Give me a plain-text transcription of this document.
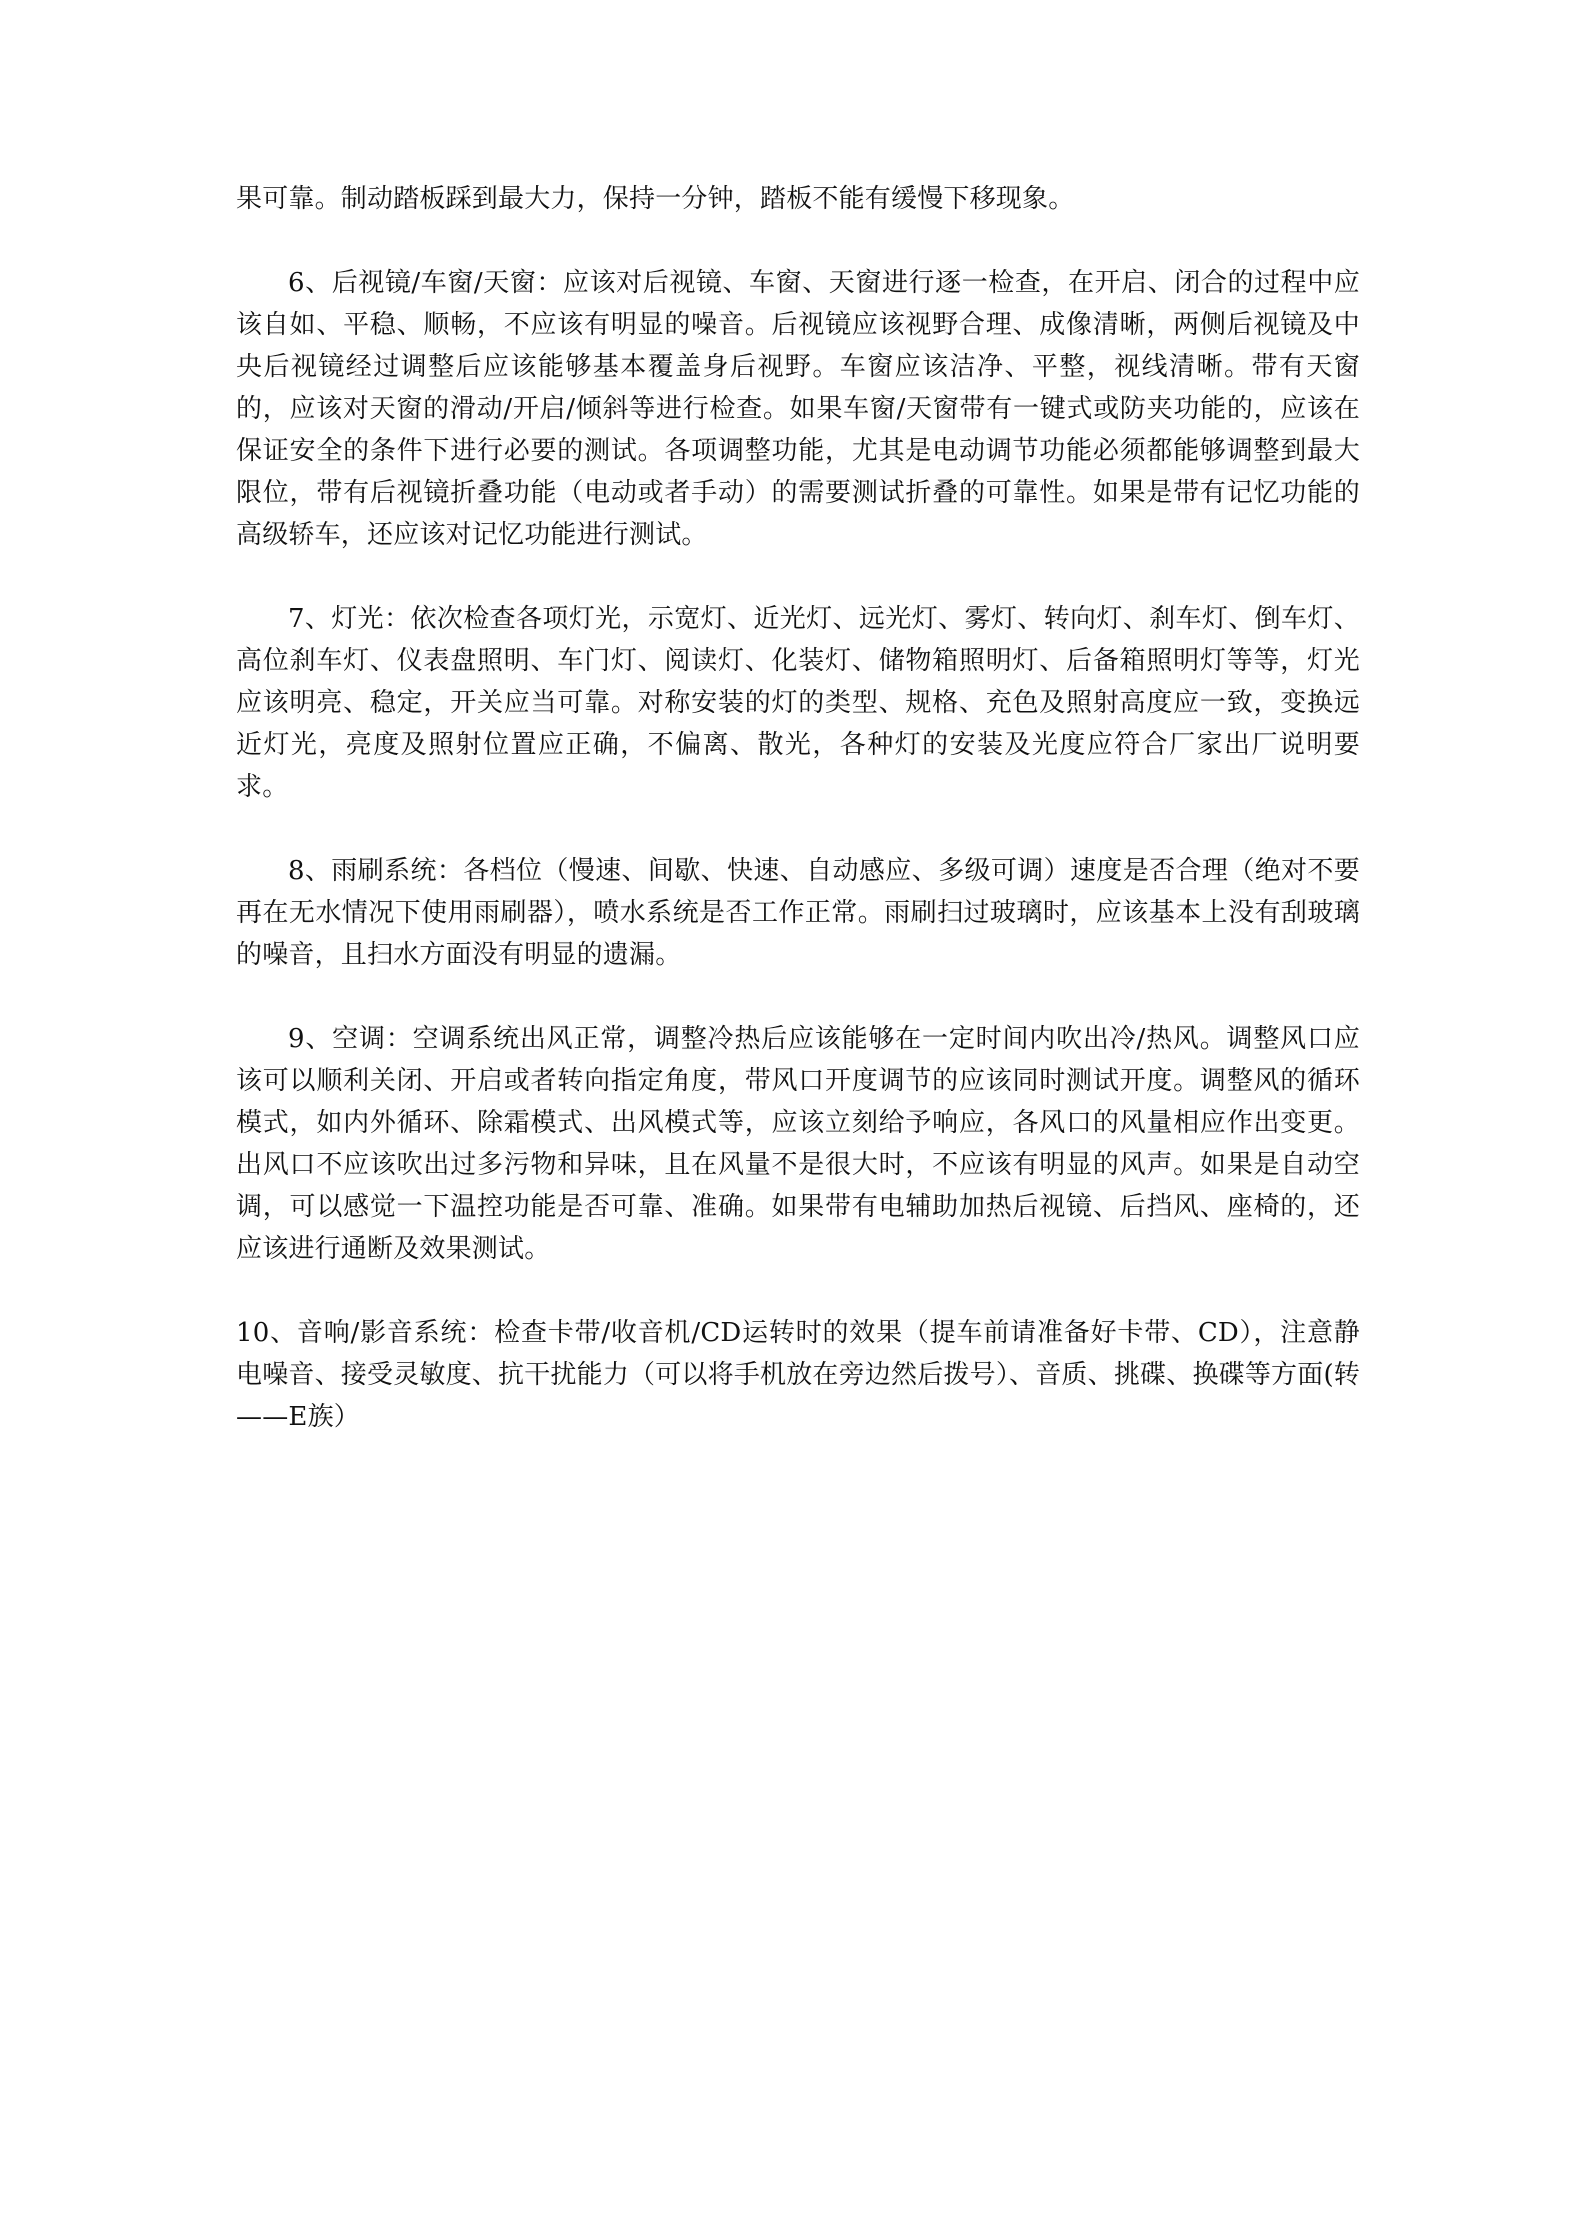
果可靠。制动踏板踩到最大力，保持一分钟，踏板不能有缓慢下移现象。

6、后视镜/车窗/天窗：应该对后视镜、车窗、天窗进行逐一检查，在开启、闭合的过程中应该自如、平稳、顺畅，不应该有明显的噪音。后视镜应该视野合理、成像清晰，两侧后视镜及中央后视镜经过调整后应该能够基本覆盖身后视野。车窗应该洁净、平整，视线清晰。带有天窗的，应该对天窗的滑动/开启/倾斜等进行检查。如果车窗/天窗带有一键式或防夹功能的，应该在保证安全的条件下进行必要的测试。各项调整功能，尤其是电动调节功能必须都能够调整到最大限位，带有后视镜折叠功能（电动或者手动）的需要测试折叠的可靠性。如果是带有记忆功能的高级轿车，还应该对记忆功能进行测试。

7、灯光：依次检查各项灯光，示宽灯、近光灯、远光灯、雾灯、转向灯、刹车灯、倒车灯、高位刹车灯、仪表盘照明、车门灯、阅读灯、化装灯、储物箱照明灯、后备箱照明灯等等，灯光应该明亮、稳定，开关应当可靠。对称安装的灯的类型、规格、充色及照射高度应一致，变换远近灯光，亮度及照射位置应正确，不偏离、散光，各种灯的安装及光度应符合厂家出厂说明要求。

8、雨刷系统：各档位（慢速、间歇、快速、自动感应、多级可调）速度是否合理（绝对不要再在无水情况下使用雨刷器），喷水系统是否工作正常。雨刷扫过玻璃时，应该基本上没有刮玻璃的噪音，且扫水方面没有明显的遗漏。

9、空调：空调系统出风正常，调整冷热后应该能够在一定时间内吹出冷/热风。调整风口应该可以顺利关闭、开启或者转向指定角度，带风口开度调节的应该同时测试开度。调整风的循环模式，如内外循环、除霜模式、出风模式等，应该立刻给予响应，各风口的风量相应作出变更。出风口不应该吹出过多污物和异味，且在风量不是很大时，不应该有明显的风声。如果是自动空调，可以感觉一下温控功能是否可靠、准确。如果带有电辅助加热后视镜、后挡风、座椅的，还应该进行通断及效果测试。

10、音响/影音系统：检查卡带/收音机/CD运转时的效果（提车前请准备好卡带、CD），注意静电噪音、接受灵敏度、抗干扰能力（可以将手机放在旁边然后拨号）、音质、挑碟、换碟等方面(转——E族）
